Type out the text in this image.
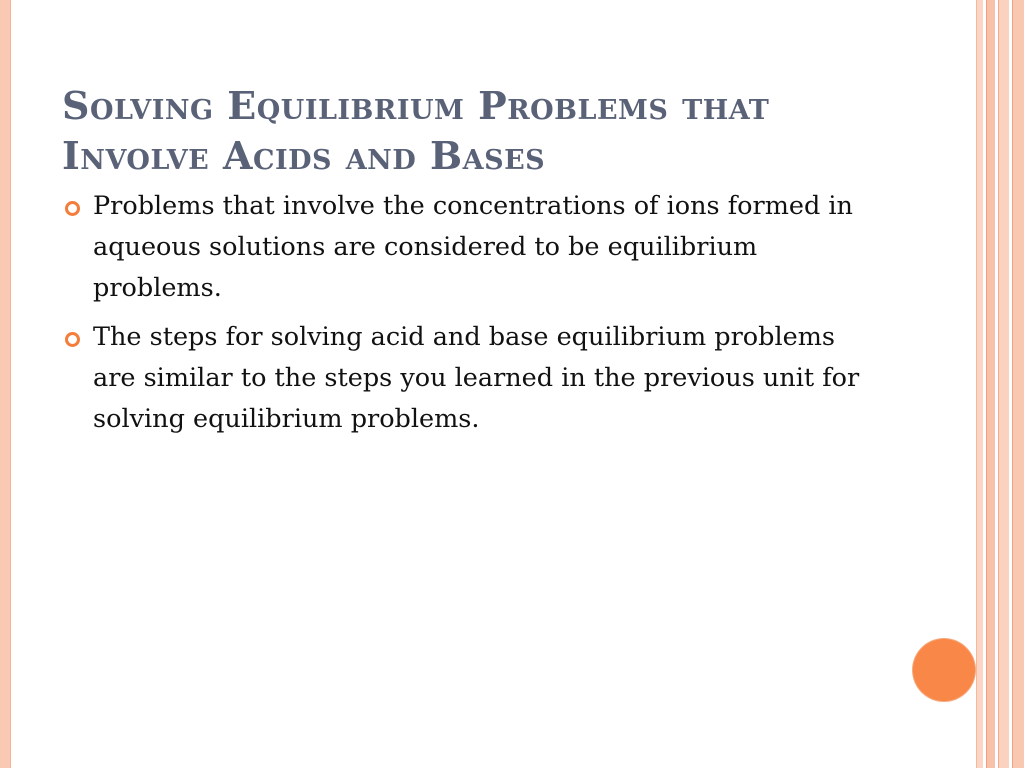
Solving Equilibrium Problems that Involve Acids and Bases
Problems that involve the concentrations of ions formed in aqueous solutions are considered to be equilibrium problems.
The steps for solving acid and base equilibrium problems are similar to the steps you learned in the previous unit for solving equilibrium problems.
